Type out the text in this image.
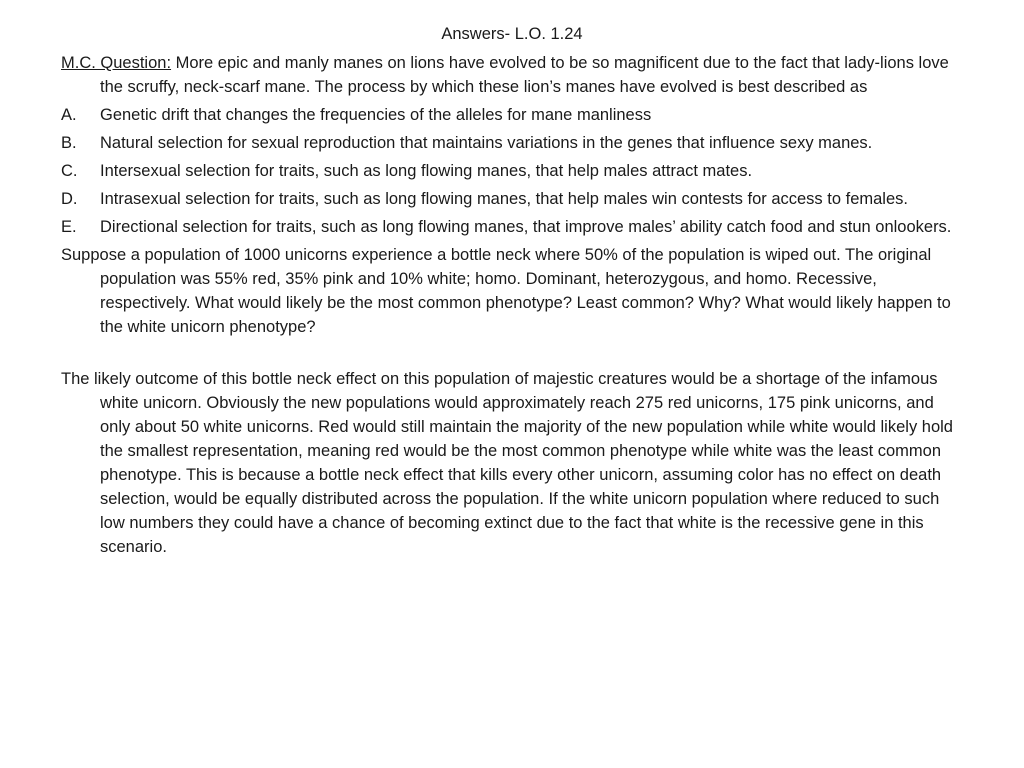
Answers- L.O. 1.24

M.C. Question: More epic and manly manes on lions have evolved to be so magnificent due to the fact that lady-lions love the scruffy, neck-scarf mane. The process by which these lion’s manes have evolved is best described as

A.	Genetic drift that changes the frequencies of the alleles for mane manliness
B.	Natural selection for sexual reproduction that maintains variations in the genes that influence sexy manes.
C.	Intersexual selection for traits, such as long flowing manes, that help males attract mates.
D.	Intrasexual selection for traits, such as long flowing manes, that help males win contests for access to females.
E.	Directional selection for traits, such as long flowing manes, that improve males’ ability catch food and stun onlookers.

Suppose a population of 1000 unicorns experience a bottle neck where 50% of the population is wiped out. The original population was 55% red, 35% pink and 10% white; homo. Dominant, heterozygous, and homo. Recessive, respectively. What would likely be the most common phenotype? Least common? Why? What would likely happen to the white unicorn phenotype?

The likely outcome of this bottle neck effect on this population of majestic creatures would be a shortage of the infamous white unicorn. Obviously the new populations would approximately reach 275 red unicorns, 175 pink unicorns, and only about 50 white unicorns. Red would still maintain the majority of the new population while white would likely hold the smallest representation, meaning red would be the most common phenotype while white was the least common phenotype. This is because a bottle neck effect that kills every other unicorn, assuming color has no effect on death selection, would be equally distributed across the population. If the white unicorn population where reduced to such low numbers they could have a chance of becoming extinct due to the fact that white is the recessive gene in this scenario.
